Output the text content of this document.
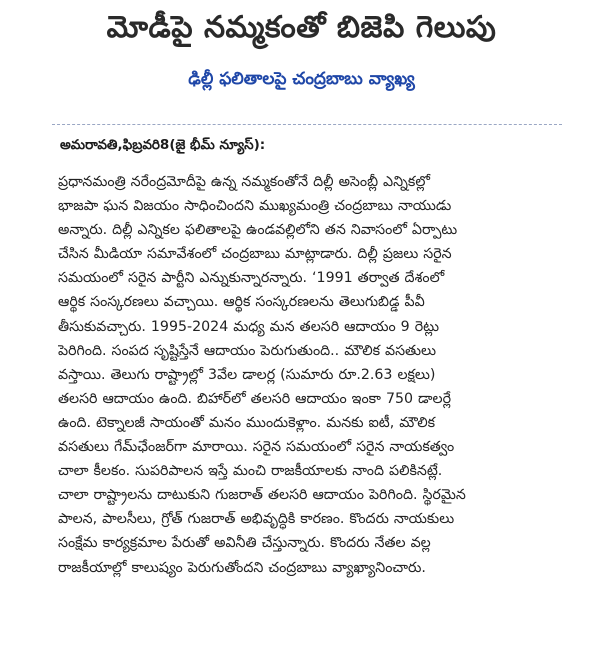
మోడీపై నమ్మకంతో బిజెపి గెలుపు
ఢిల్లీ ఫలితాలపై చంద్రబాబు వ్యాఖ్య
అమరావతి,ఫిబ్రవరి8(జై భీమ్ న్యూస్):
ప్రధానమంత్రి నరేంద్రమోదీపై ఉన్న నమ్మకంతోనే దిల్లీ అసెంబ్లీ ఎన్నికల్లో
భాజపా ఘన విజయం సాధించిందని ముఖ్యమంత్రి చంద్రబాబు నాయుడు
అన్నారు. దిల్లీ ఎన్నికల ఫలితాలపై ఉండవల్లిలోని తన నివాసంలో ఏర్పాటు
చేసిన మీడియా సమావేశంలో చంద్రబాబు మాట్లాడారు. దిల్లీ ప్రజలు సరైన
సమయంలో సరైన పార్టీని ఎన్నుకున్నారన్నారు. ‘1991 తర్వాత దేశంలో
ఆర్థిక సంస్కరణలు వచ్చాయి. ఆర్థిక సంస్కరణలను తెలుగుబిడ్డ పీవీ
తీసుకువచ్చారు. 1995-2024 మధ్య మన తలసరి ఆదాయం 9 రెట్లు
పెరిగింది. సంపద సృష్టిస్తేనే ఆదాయం పెరుగుతుంది.. మౌలిక వసతులు
వస్తాయి. తెలుగు రాష్ట్రాల్లో 3వేల డాలర్ల (సుమారు రూ.2.63 లక్షలు)
తలసరి ఆదాయం ఉంది. బిహార్‌లో తలసరి ఆదాయం ఇంకా 750 డాలర్లే
ఉంది. టెక్నాలజీ సాయంతో మనం ముందుకెళ్లాం. మనకు ఐటీ, మౌలిక
వసతులు గేమ్‌ఛేంజర్‌గా మారాయి. సరైన సమయంలో సరైన నాయకత్వం
చాలా కీలకం. సుపరిపాలన ఇస్తే మంచి రాజకీయాలకు నాంది పలికినట్లే.
చాలా రాష్ట్రాలను దాటుకుని గుజరాత్ తలసరి ఆదాయం పెరిగింది. స్థిరమైన
పాలన, పాలసీలు, గ్రోత్ గుజరాత్ అభివృద్ధికి కారణం. కొందరు నాయకులు
సంక్షేమ కార్యక్రమాల పేరుతో అవినీతి చేస్తున్నారు. కొందరు నేతల వల్ల
రాజకీయాల్లో కాలుష్యం పెరుగుతోందని చంద్రబాబు వ్యాఖ్యానించారు.
